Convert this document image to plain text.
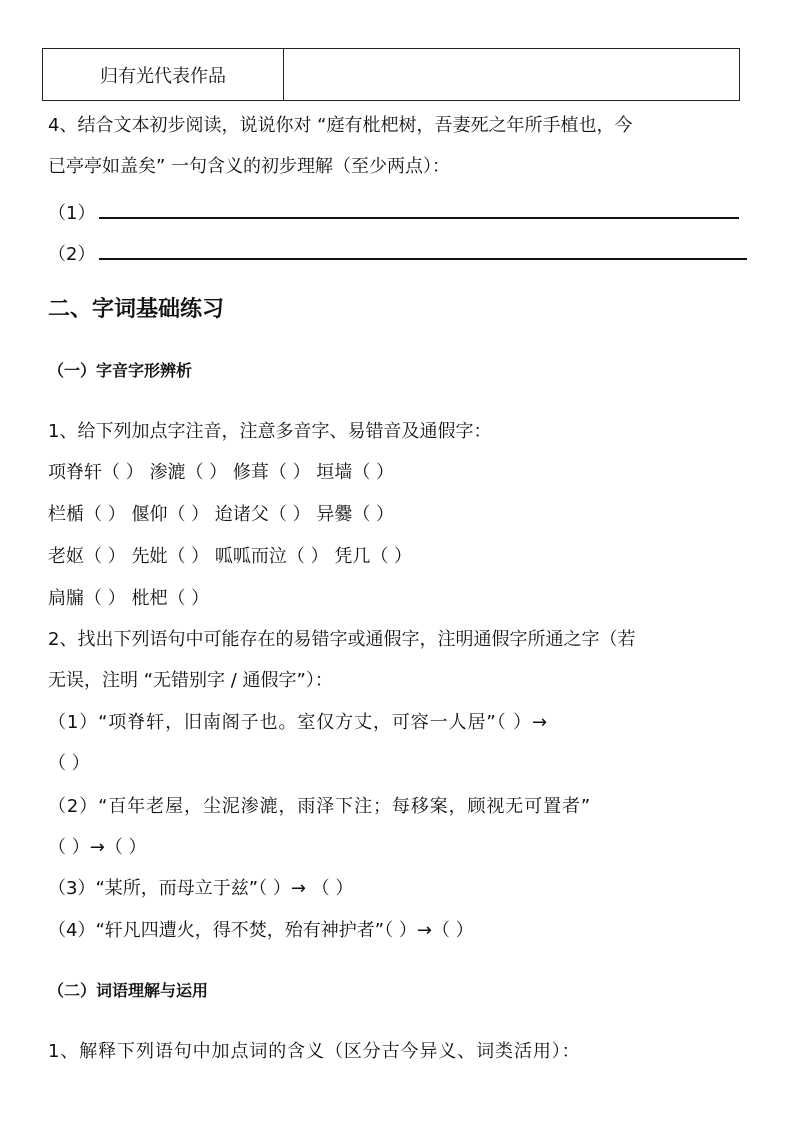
归有光代表作品	
4、结合文本初步阅读，说说你对 “庭有枇杷树，吾妻死之年所手植也，今
已亭亭如盖矣” 一句含义的初步理解（至少两点）：
（1）
（2）
二、字词基础练习
（一）字音字形辨析
1、给下列加点字注音，注意多音字、易错音及通假字：
项脊轩（ ） 渗漉（ ） 修葺（ ） 垣墙（ ）
栏楯（ ） 偃仰（ ） 迨诸父（ ） 异爨（ ）
老妪（ ） 先妣（ ） 呱呱而泣（ ） 凭几（ ）
扃牖（ ） 枇杷（ ）
2、找出下列语句中可能存在的易错字或通假字，注明通假字所通之字（若
无误，注明 “无错别字 / 通假字”）：
（1）“项脊轩，旧南阁子也。室仅方丈，可容一人居”（ ）→
（ ）
（2）“百年老屋，尘泥渗漉，雨泽下注；每移案，顾视无可置者”
（ ）→（ ）
（3）“某所，而母立于兹”（ ）→ （ ）
（4）“轩凡四遭火，得不焚，殆有神护者”（ ）→（ ）
（二）词语理解与运用
1、解释下列语句中加点词的含义（区分古今异义、词类活用）：
